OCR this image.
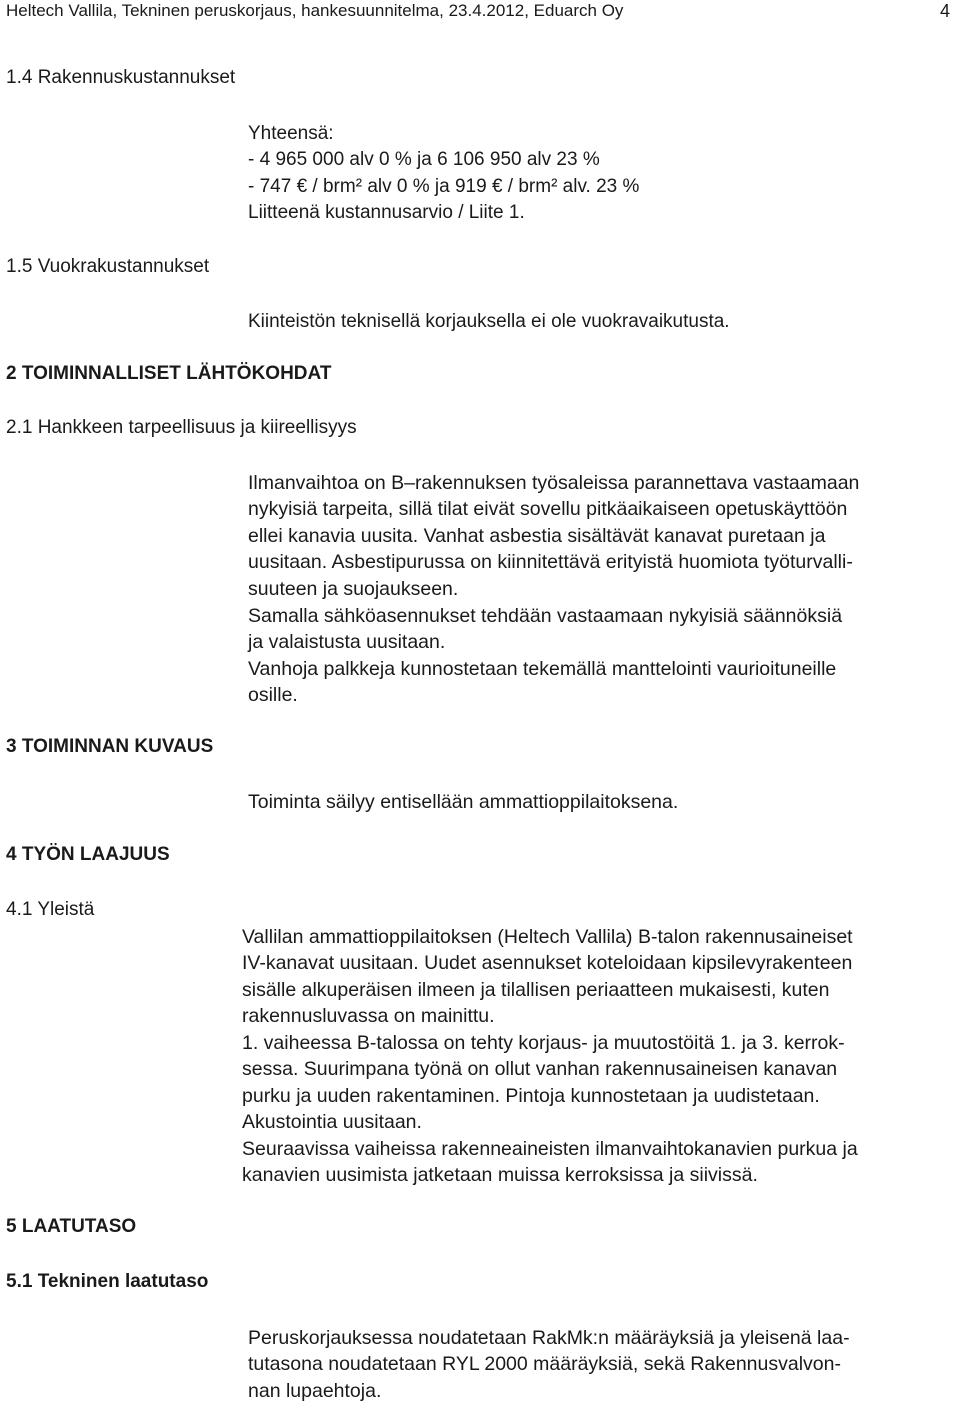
Heltech Vallila, Tekninen peruskorjaus, hankesuunnitelma, 23.4.2012, Eduarch Oy	4
1.4 Rakennuskustannukset
1.5 Vuokrakustannukset
2 TOIMINNALLISET LÄHTÖKOHDAT
2.1 Hankkeen tarpeellisuus ja kiireellisyys
3 TOIMINNAN KUVAUS
4 TYÖN LAAJUUS
4.1 Yleistä
5 LAATUTASO
5.1 Tekninen laatutaso
Yhteensä:
- 4 965 000 alv 0 % ja 6 106 950 alv 23 %
- 747 € / brm² alv 0 % ja 919 € / brm² alv. 23 %
Liitteenä kustannusarvio / Liite 1.
Kiinteistön teknisellä korjauksella ei ole vuokravaikutusta.
Ilmanvaihtoa on B–rakennuksen työsaleissa parannettava vastaamaan
nykyisiä tarpeita, sillä tilat eivät sovellu pitkäaikaiseen opetuskäyttöön
ellei kanavia uusita. Vanhat asbestia sisältävät kanavat puretaan ja
uusitaan. Asbestipurussa on kiinnitettävä erityistä huomiota työturvalli-
suuteen ja suojaukseen.
Samalla sähköasennukset tehdään vastaamaan nykyisiä säännöksiä
ja valaistusta uusitaan.
Vanhoja palkkeja kunnostetaan tekemällä manttelointi vaurioituneille
osille.
Toiminta säilyy entisellään ammattioppilaitoksena.
Vallilan ammattioppilaitoksen (Heltech Vallila) B-talon rakennusaineiset
IV-kanavat uusitaan. Uudet asennukset koteloidaan kipsilevyrakenteen
sisälle alkuperäisen ilmeen ja tilallisen periaatteen mukaisesti, kuten
rakennusluvassa on mainittu.
1. vaiheessa B-talossa on tehty korjaus- ja muutostöitä 1. ja 3. kerrok-
sessa. Suurimpana työnä on ollut vanhan rakennusaineisen kanavan
purku ja uuden rakentaminen. Pintoja kunnostetaan ja uudistetaan.
Akustointia uusitaan.
Seuraavissa vaiheissa rakenneaineisten ilmanvaihtokanavien purkua ja
kanavien uusimista jatketaan muissa kerroksissa ja siivissä.
Peruskorjauksessa noudatetaan RakMk:n määräyksiä ja yleisenä laa-
tutasona noudatetaan RYL 2000 määräyksiä, sekä Rakennusvalvon-
nan lupaehtoja.
